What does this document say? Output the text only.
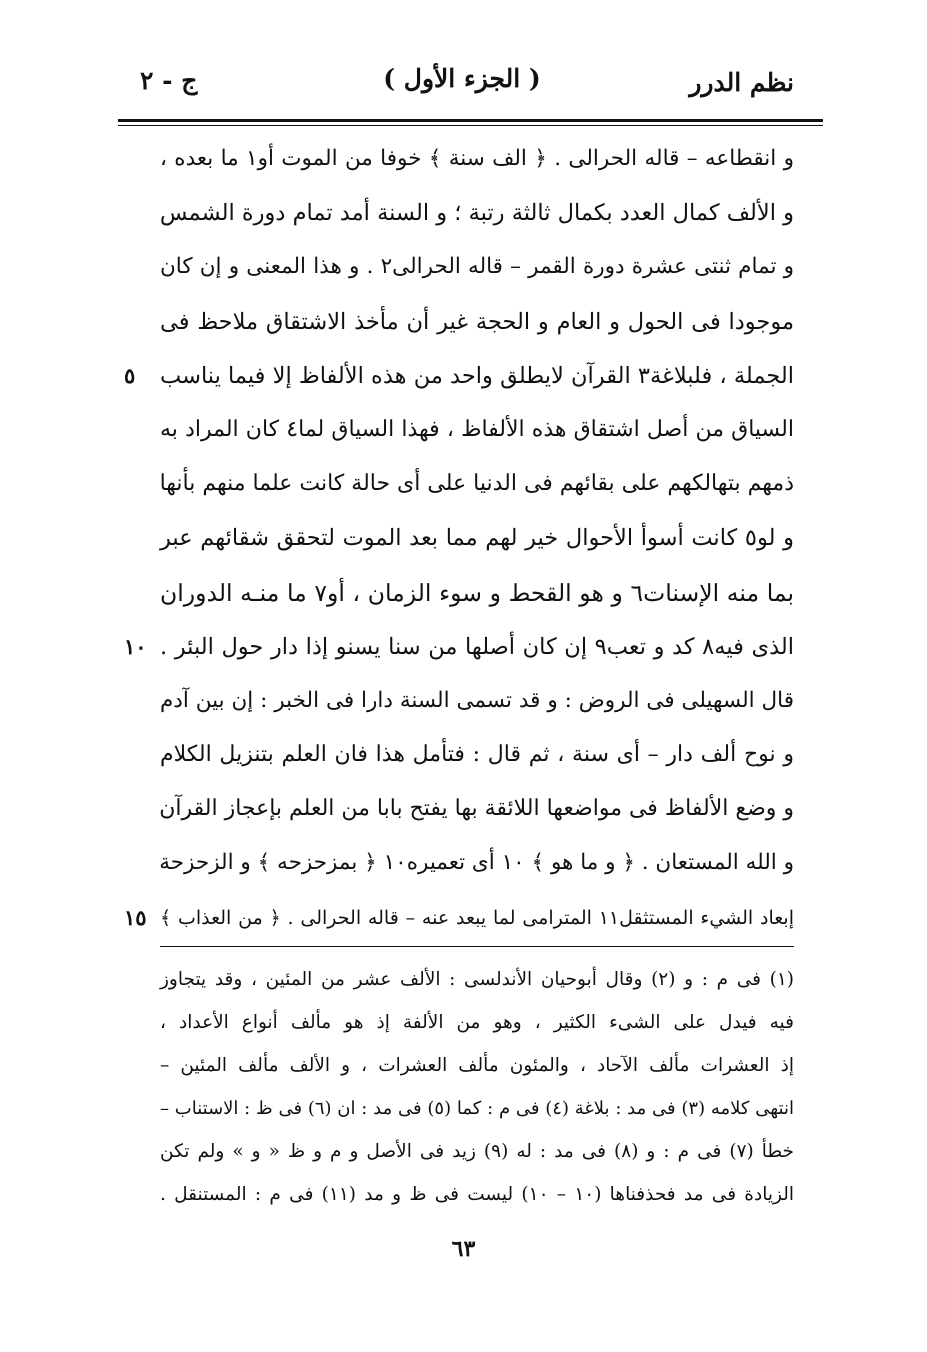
نظم الدرر
( الجزء الأول )
ج - ٢
و انقطاعه – قاله الحرالى . ﴿ الف سنة ﴾ خوفا من الموت أو١ ما بعده ،
و الألف كمال العدد بكمال ثالثة رتبة ؛ و السنة أمد تمام دورة الشمس
و تمام ثنتى عشرة دورة القمر – قاله الحرالى٢ . و هذا المعنى و إن كان
موجودا فى الحول و العام و الحجة غير أن مأخذ الاشتقاق ملاحظ فى
الجملة ، فلبلاغة٣ القرآن لايطلق واحد من هذه الألفاظ إلا فيما يناسب
السياق من أصل اشتقاق هذه الألفاظ ، فهذا السياق لما٤ كان المراد به
ذمهم بتهالكهم على بقائهم فى الدنيا على أى حالة كانت علما منهم بأنها
و لو٥ كانت أسوأ الأحوال خير لهم مما بعد الموت لتحقق شقائهم عبر
بما منه الإسنات٦ و هو القحط و سوء الزمان ، أو٧ ما منـه الدوران
الذى فيه٨ كد و تعب٩ إن كان أصلها من سنا يسنو إذا دار حول البئر .
قال السهيلى فى الروض : و قد تسمى السنة دارا فى الخبر : إن بين آدم
و نوح ألف دار – أى سنة ، ثم قال : فتأمل هذا فان العلم بتنزيل الكلام
و وضع الألفاظ فى مواضعها اللائقة بها يفتح بابا من العلم بإعجاز القرآن
و الله المستعان . ﴿ و ما هو ﴾ ١٠ أى تعميره١٠ ﴿ بمزحزحه ﴾ و الزحزحة
إبعاد الشيء المستثقل١١ المترامى لما يبعد عنه – قاله الحرالى . ﴿ من العذاب ﴾
٥
١٠
١٥
(١) فى م : و (٢) وقال أبوحيان الأندلسى : الألف عشر من المئين ، وقد يتجاوز
فيه فيدل على الشىء الكثير ، وهو من الألفة إذ هو مألف أنواع الأعداد ،
إذ العشرات مألف الآحاد ، والمئون مألف العشرات ، و الألف مألف المئين –
انتهى كلامه (٣) فى مد : بلاغة (٤) فى م : كما (٥) فى مد : ان (٦) فى ظ : الاستناب –
خطأ (٧) فى م : و (٨) فى مد : له (٩) زيد فى الأصل و م و ظ « و » ولم تكن
الزيادة فى مد فحذفناها (١٠ – ١٠) ليست فى ظ و مد (١١) فى م : المستنقل .
٦٣
